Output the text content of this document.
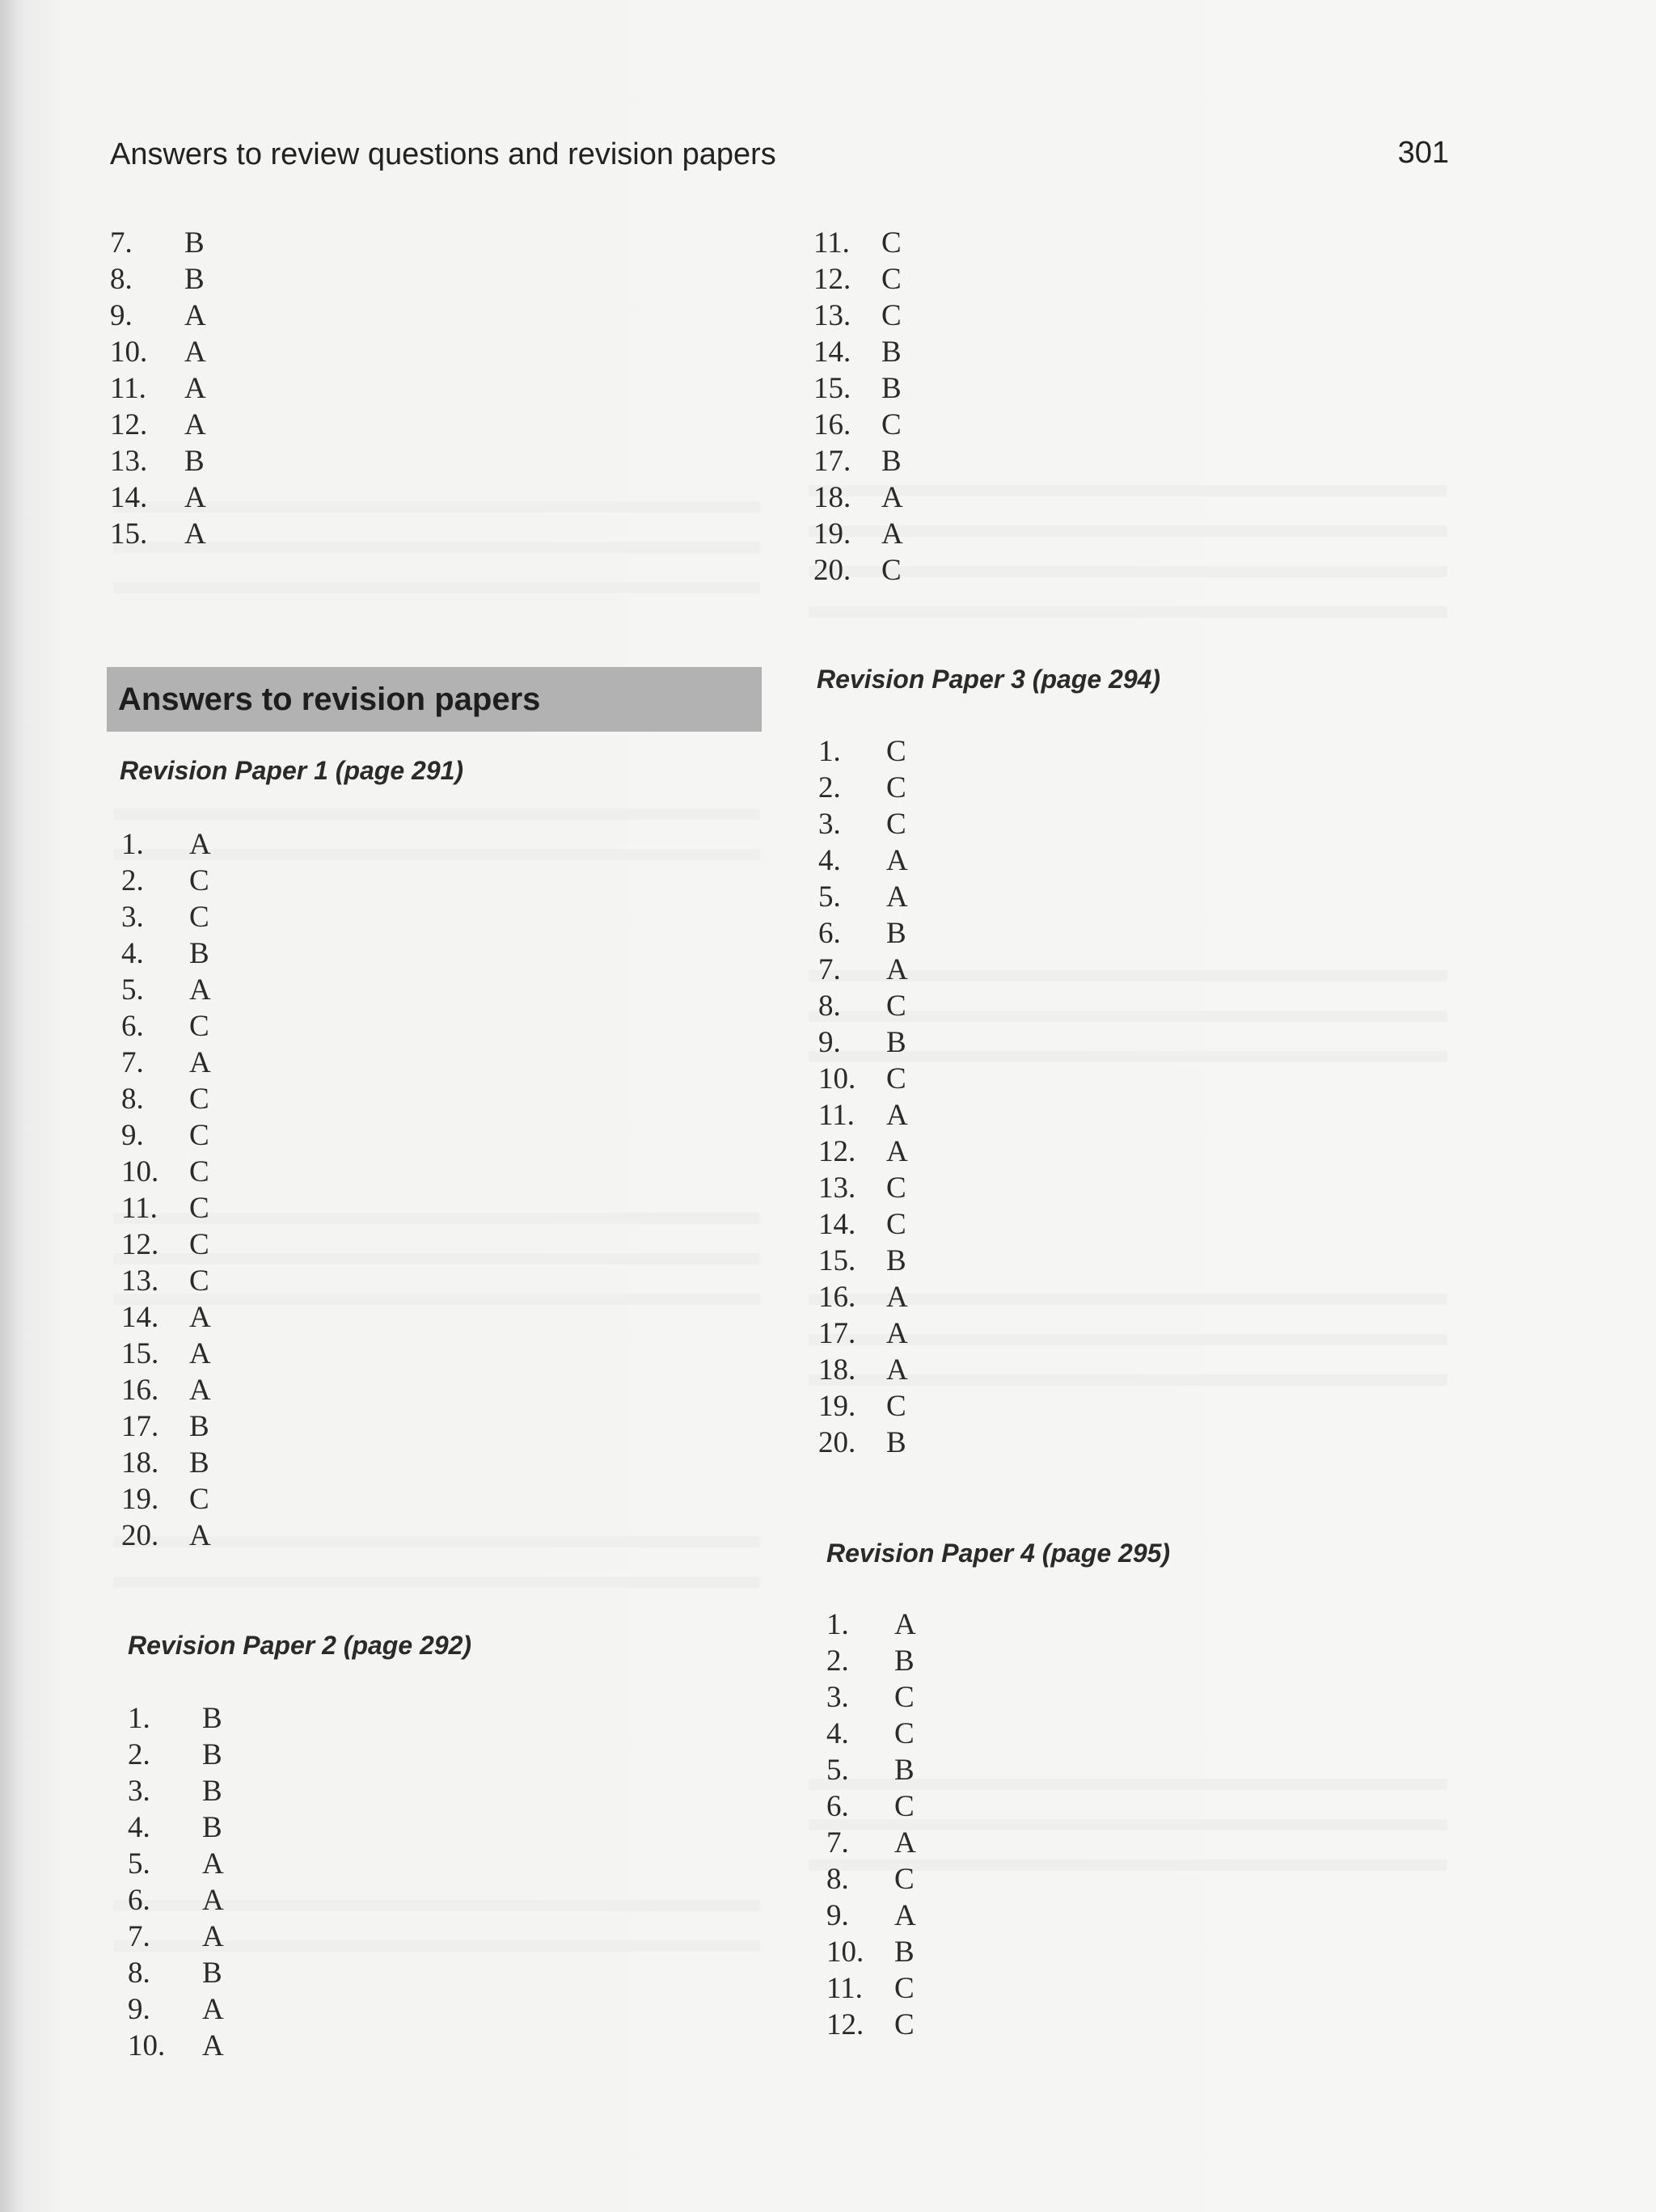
Answers to review questions and revision papers	301
7. B
8. B
9. A
10. A
11. A
12. A
13. B
14. A
15. A
11. C
12. C
13. C
14. B
15. B
16. C
17. B
18. A
19. A
20. C
Answers to revision papers
Revision Paper 1 (page 291)
1. A
2. C
3. C
4. B
5. A
6. C
7. A
8. C
9. C
10. C
11. C
12. C
13. C
14. A
15. A
16. A
17. B
18. B
19. C
20. A
Revision Paper 2 (page 292)
1. B
2. B
3. B
4. B
5. A
6. A
7. A
8. B
9. A
10. A
Revision Paper 3 (page 294)
1. C
2. C
3. C
4. A
5. A
6. B
7. A
8. C
9. B
10. C
11. A
12. A
13. C
14. C
15. B
16. A
17. A
18. A
19. C
20. B
Revision Paper 4 (page 295)
1. A
2. B
3. C
4. C
5. B
6. C
7. A
8. C
9. A
10. B
11. C
12. C
